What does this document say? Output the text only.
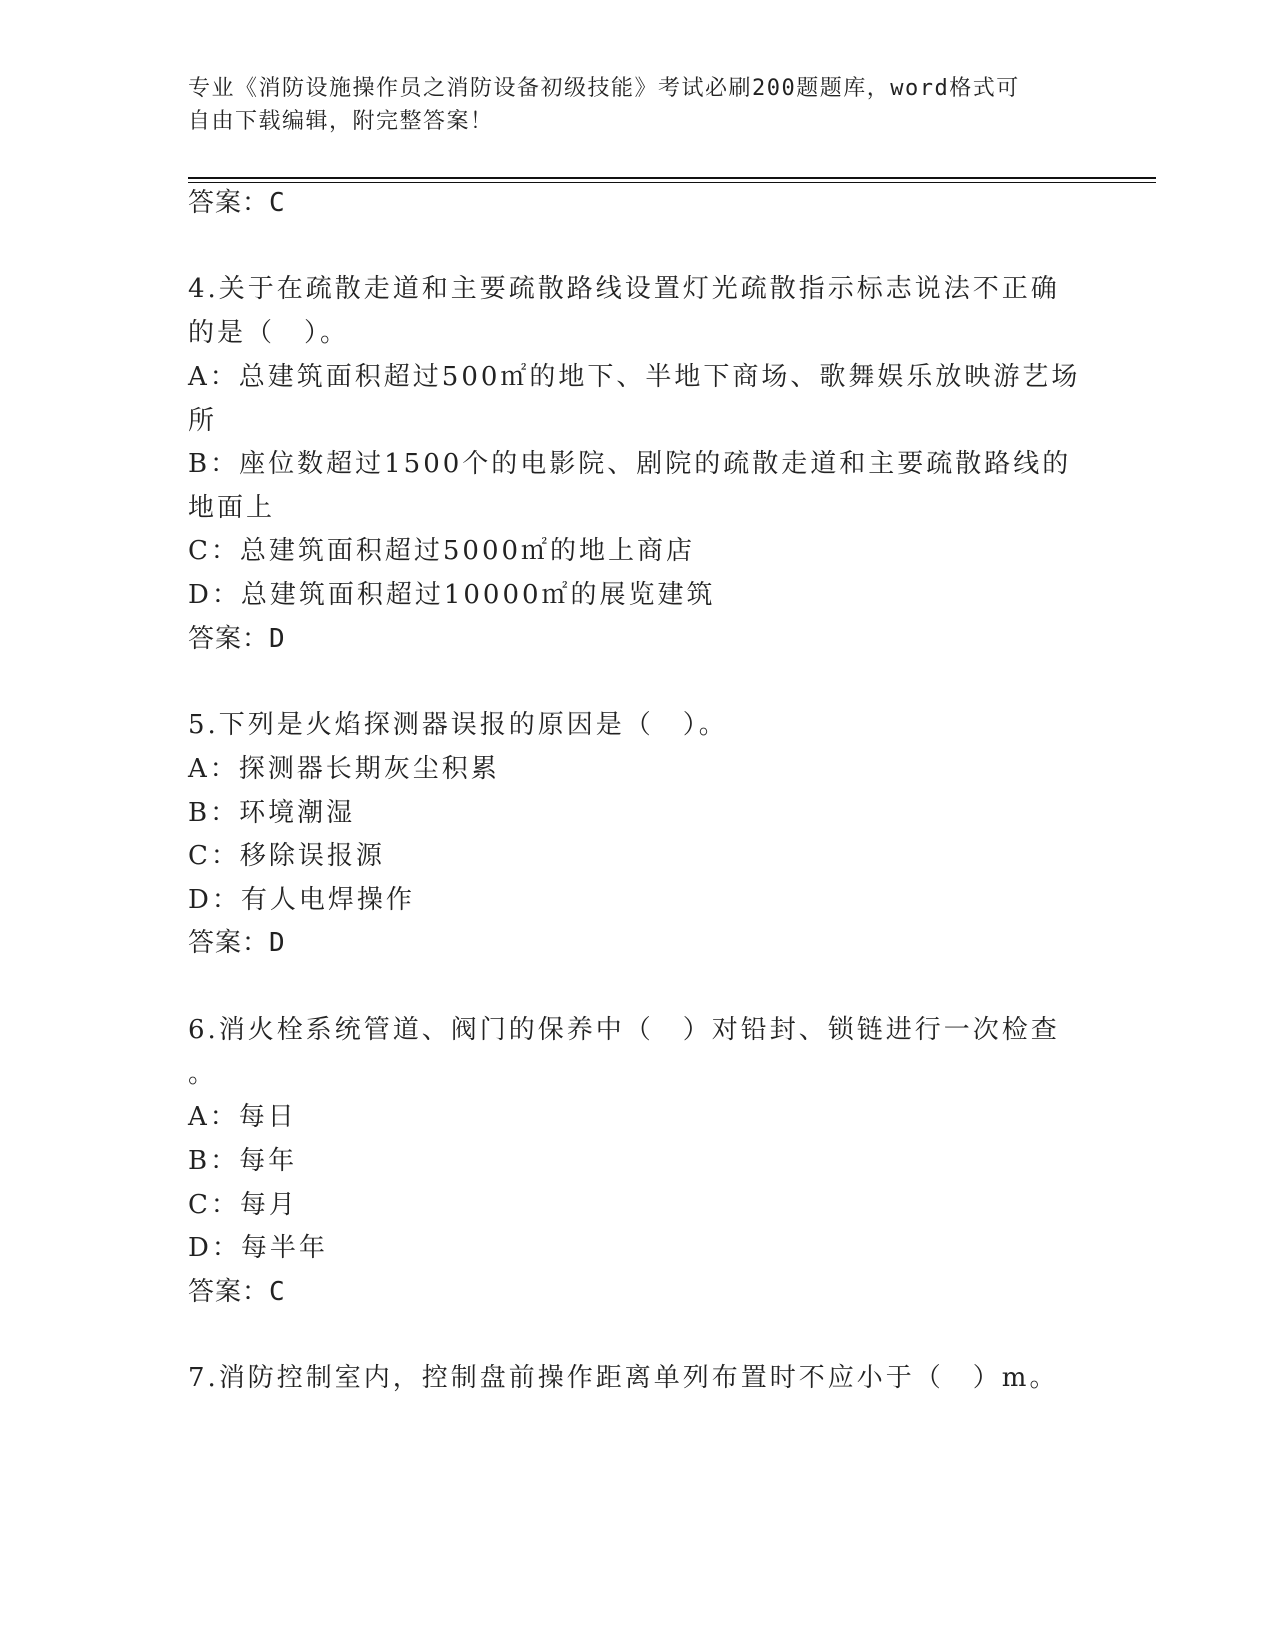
专业《消防设施操作员之消防设备初级技能》考试必刷200题题库，word格式可
自由下载编辑，附完整答案！
答案：C
4.关于在疏散走道和主要疏散路线设置灯光疏散指示标志说法不正确
的是（　）。
A：总建筑面积超过500㎡的地下、半地下商场、歌舞娱乐放映游艺场
所
B：座位数超过1500个的电影院、剧院的疏散走道和主要疏散路线的
地面上
C：总建筑面积超过5000㎡的地上商店
D：总建筑面积超过10000㎡的展览建筑
答案：D
5.下列是火焰探测器误报的原因是（　）。
A：探测器长期灰尘积累
B：环境潮湿
C：移除误报源
D：有人电焊操作
答案：D
6.消火栓系统管道、阀门的保养中（　）对铅封、锁链进行一次检查
。
A：每日
B：每年
C：每月
D：每半年
答案：C
7.消防控制室内，控制盘前操作距离单列布置时不应小于（　）m。
